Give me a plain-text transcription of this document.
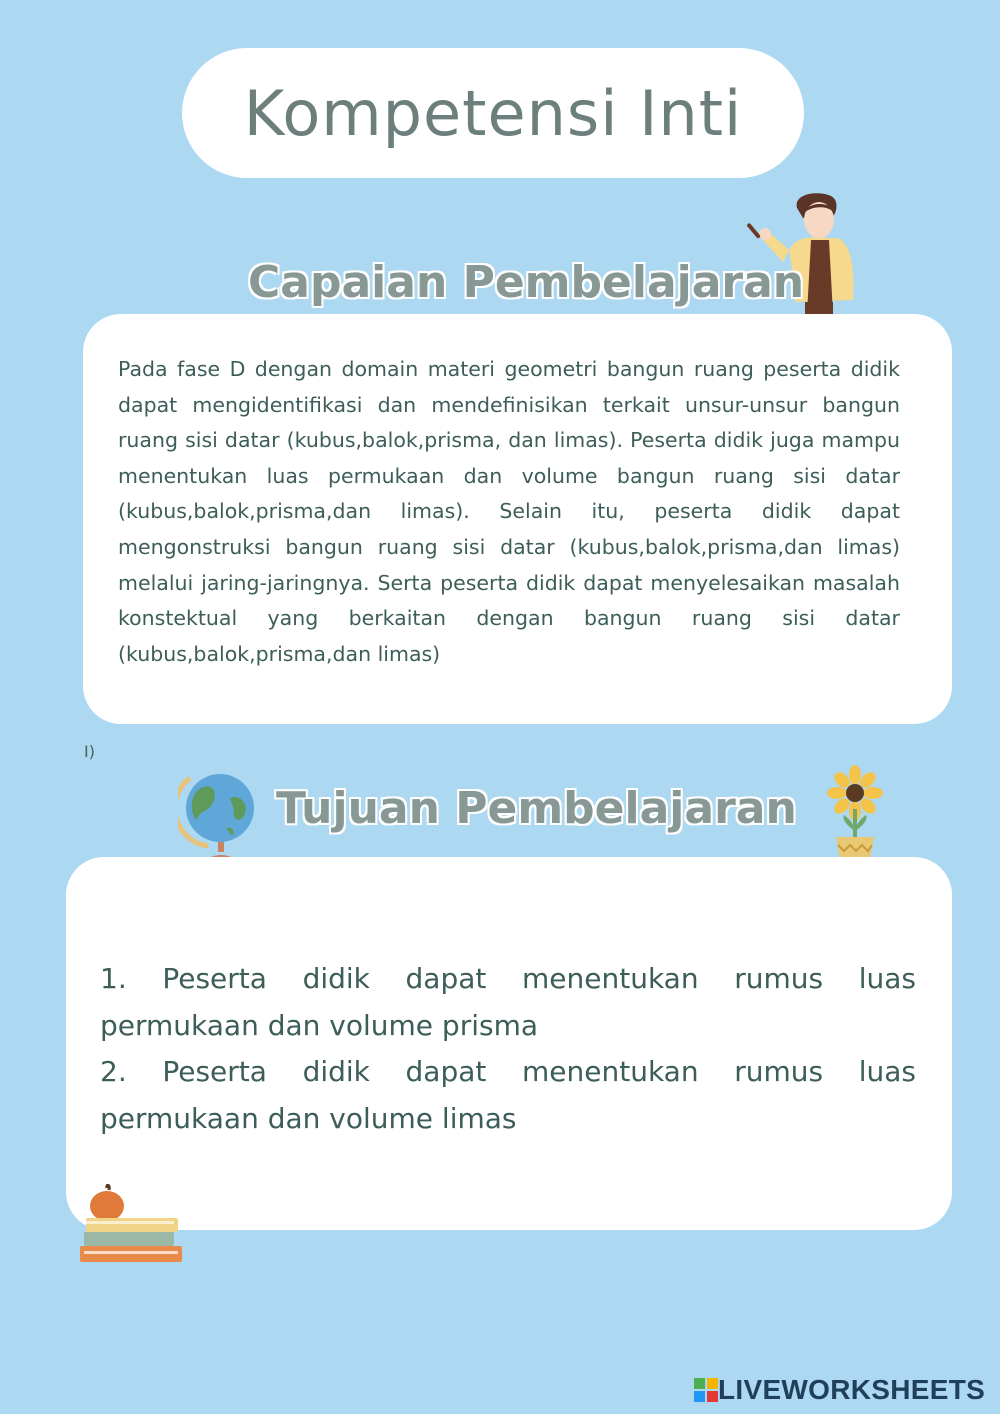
Kompetensi Inti
Capaian Pembelajaran

Pada fase D dengan domain materi geometri bangun ruang peserta didik dapat mengidentifikasi dan mendefinisikan terkait unsur-unsur bangun ruang sisi datar (kubus,balok,prisma, dan limas). Peserta didik juga mampu menentukan luas permukaan dan volume bangun ruang sisi datar (kubus,balok,prisma,dan limas). Selain itu, peserta didik dapat mengonstruksi bangun ruang sisi datar (kubus,balok,prisma,dan limas) melalui jaring-jaringnya. Serta peserta didik dapat menyelesaikan masalah konstektual yang berkaitan dengan bangun ruang sisi datar (kubus,balok,prisma,dan limas)

I)
Tujuan Pembelajaran
1. Peserta didik dapat menentukan rumus luas permukaan dan volume prisma
2. Peserta didik dapat menentukan rumus luas permukaan dan volume limas
LIVEWORKSHEETS
